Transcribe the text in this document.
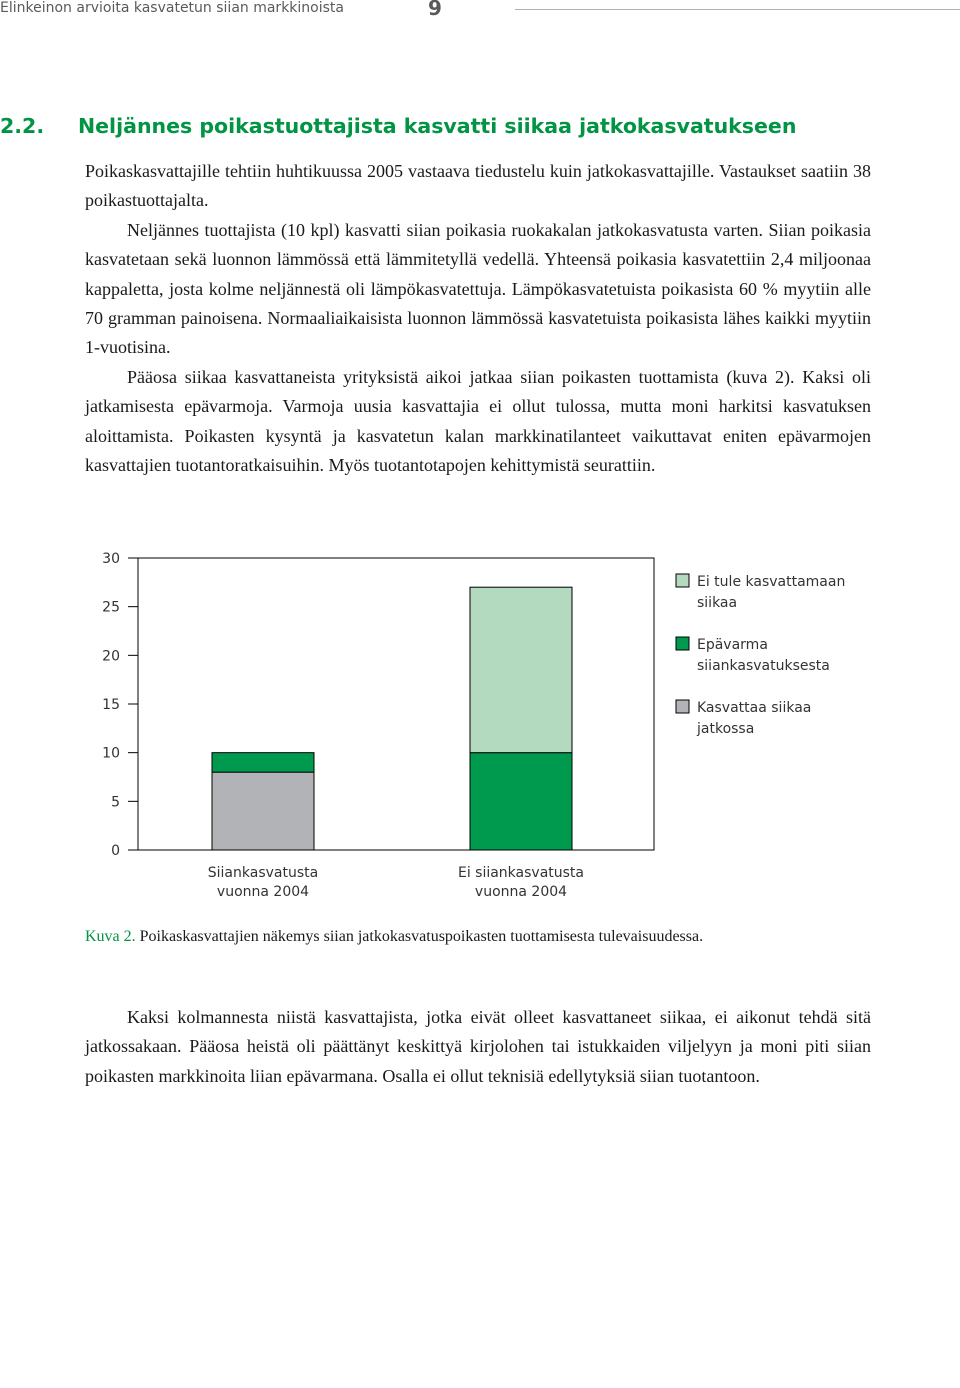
Elinkeinon arvioita kasvatetun siian markkinoista	9
2.2. Neljännes poikastuottajista kasvatti siikaa jatkokasvatukseen

Poikaskasvattajille tehtiin huhtikuussa 2005 vastaava tiedustelu kuin jatkokasvattajille. Vastaukset saatiin 38 poikastuottajalta.

Neljännes tuottajista (10 kpl) kasvatti siian poikasia ruokakalan jatkokasvatusta varten. Siian poikasia kasvatetaan sekä luonnon lämmössä että lämmitetyllä vedellä. Yhteensä poikasia kasvatettiin 2,4 miljoonaa kappaletta, josta kolme neljännestä oli lämpökasvatettuja. Lämpökasvatetuista poikasista 60 % myytiin alle 70 gramman painoisena. Normaaliaikaisista luonnon lämmössä kasvatetuista poikasista lähes kaikki myytiin 1-vuotisina.

Pääosa siikaa kasvattaneista yrityksistä aikoi jatkaa siian poikasten tuottamista (kuva 2). Kaksi oli jatkamisesta epävarmoja. Varmoja uusia kasvattajia ei ollut tulossa, mutta moni harkitsi kasvatuksen aloittamista. Poikasten kysyntä ja kasvatetun kalan markkinatilanteet vaikuttavat eniten epävarmojen kasvattajien tuotantoratkaisuihin. Myös tuotantotapojen kehittymistä seurattiin.

0
5
10
15
20
25
30
Siiankasvatusta
vuonna 2004
Ei siiankasvatusta
vuonna 2004
Ei tule kasvattamaan
siikaa
Epävarma
siiankasvatuksesta
Kasvattaa siikaa
jatkossa
Kuva 2. Poikaskasvattajien näkemys siian jatkokasvatuspoikasten tuottamisesta tulevaisuudessa.

Kaksi kolmannesta niistä kasvattajista, jotka eivät olleet kasvattaneet siikaa, ei aikonut tehdä sitä jatkossakaan. Pääosa heistä oli päättänyt keskittyä kirjolohen tai istukkaiden viljelyyn ja moni piti siian poikasten markkinoita liian epävarmana. Osalla ei ollut teknisiä edellytyksiä siian tuotantoon.
